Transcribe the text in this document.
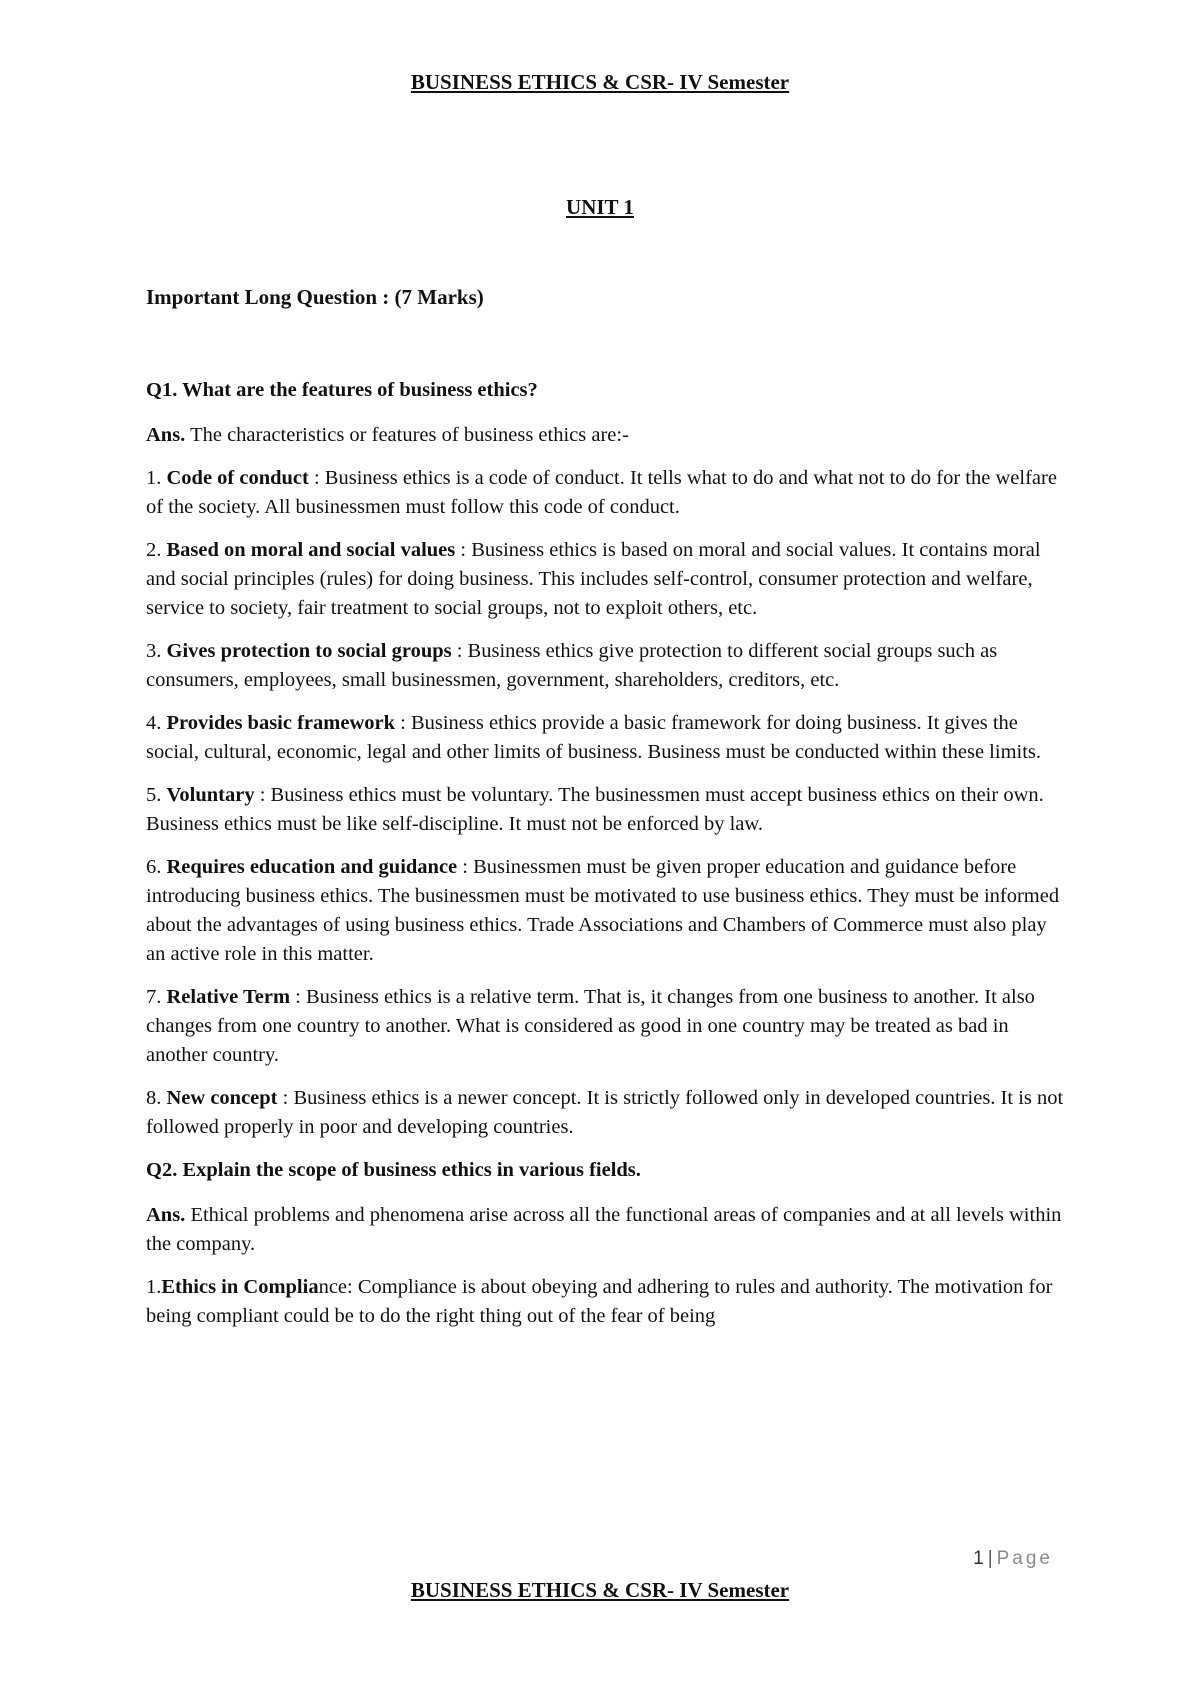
BUSINESS ETHICS & CSR- IV Semester
UNIT 1
Important Long Question : (7 Marks)

Q1. What are the features of business ethics?

Ans. The characteristics or features of business ethics are:-

1. Code of conduct : Business ethics is a code of conduct. It tells what to do and what not to do for the welfare of the society. All businessmen must follow this code of conduct.

2. Based on moral and social values : Business ethics is based on moral and social values. It contains moral and social principles (rules) for doing business. This includes self-control, consumer protection and welfare, service to society, fair treatment to social groups, not to exploit others, etc.

3. Gives protection to social groups : Business ethics give protection to different social groups such as consumers, employees, small businessmen, government, shareholders, creditors, etc.

4. Provides basic framework : Business ethics provide a basic framework for doing business. It gives the social, cultural, economic, legal and other limits of business. Business must be conducted within these limits.

5. Voluntary : Business ethics must be voluntary. The businessmen must accept business ethics on their own. Business ethics must be like self-discipline. It must not be enforced by law.

6. Requires education and guidance : Businessmen must be given proper education and guidance before introducing business ethics. The businessmen must be motivated to use business ethics. They must be informed about the advantages of using business ethics. Trade Associations and Chambers of Commerce must also play an active role in this matter.

7. Relative Term : Business ethics is a relative term. That is, it changes from one business to another. It also changes from one country to another. What is considered as good in one country may be treated as bad in another country.

8. New concept : Business ethics is a newer concept. It is strictly followed only in developed countries. It is not followed properly in poor and developing countries.

Q2. Explain the scope of business ethics in various fields.

Ans. Ethical problems and phenomena arise across all the functional areas of companies and at all levels within the company.

1.Ethics in Compliance: Compliance is about obeying and adhering to rules and authority. The motivation for being compliant could be to do the right thing out of the fear of being

1 | Page
BUSINESS ETHICS & CSR- IV Semester
